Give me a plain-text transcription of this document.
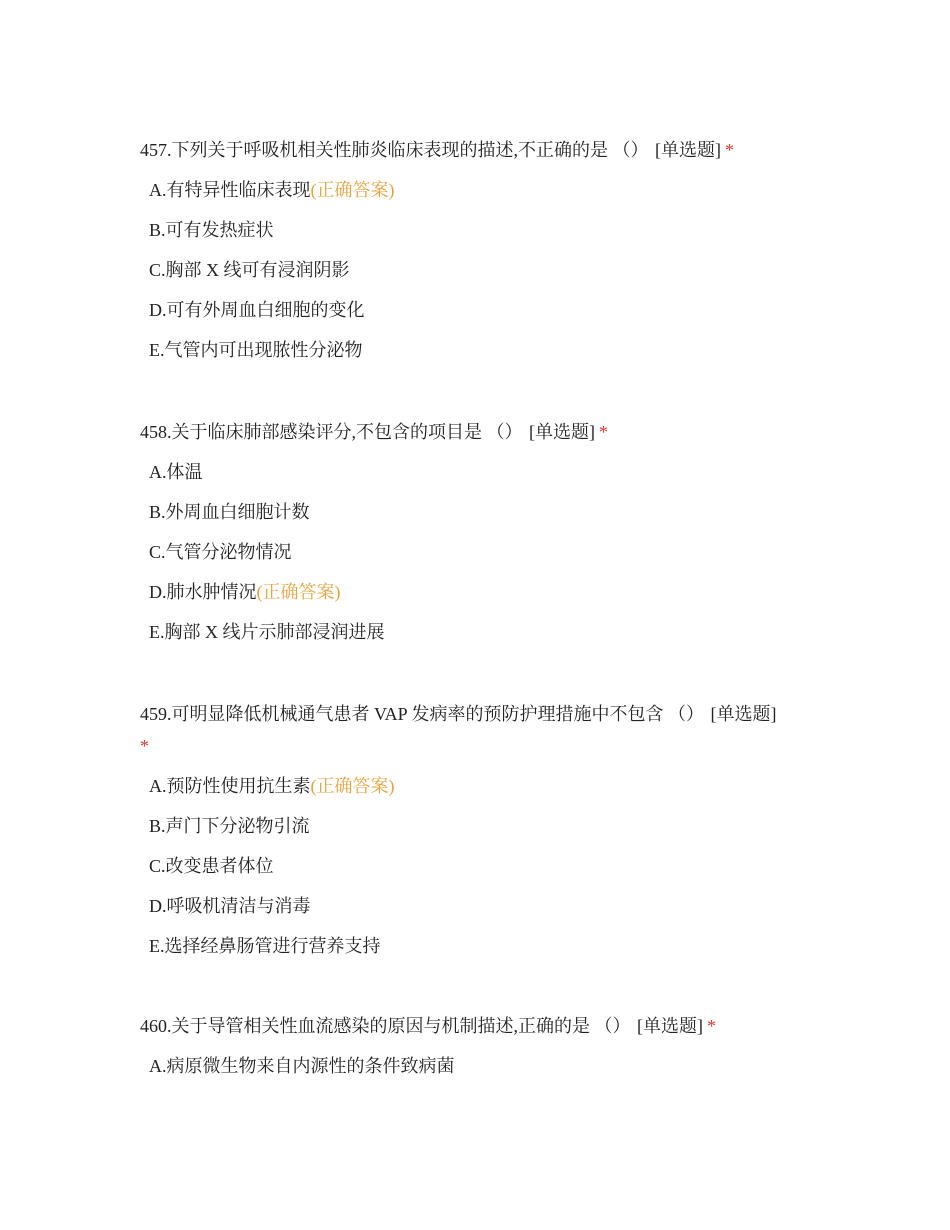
457.下列关于呼吸机相关性肺炎临床表现的描述,不正确的是 （） [单选题] *

A.有特异性临床表现(正确答案)
B.可有发热症状
C.胸部 X 线可有浸润阴影
D.可有外周血白细胞的变化
E.气管内可出现脓性分泌物

458.关于临床肺部感染评分,不包含的项目是 （） [单选题] *

A.体温
B.外周血白细胞计数
C.气管分泌物情况
D.肺水肿情况(正确答案)
E.胸部 X 线片示肺部浸润进展

459.可明显降低机械通气患者 VAP 发病率的预防护理措施中不包含 （） [单选题]
*

A.预防性使用抗生素(正确答案)
B.声门下分泌物引流
C.改变患者体位
D.呼吸机清洁与消毒
E.选择经鼻肠管进行营养支持

460.关于导管相关性血流感染的原因与机制描述,正确的是 （） [单选题] *

A.病原微生物来自内源性的条件致病菌
